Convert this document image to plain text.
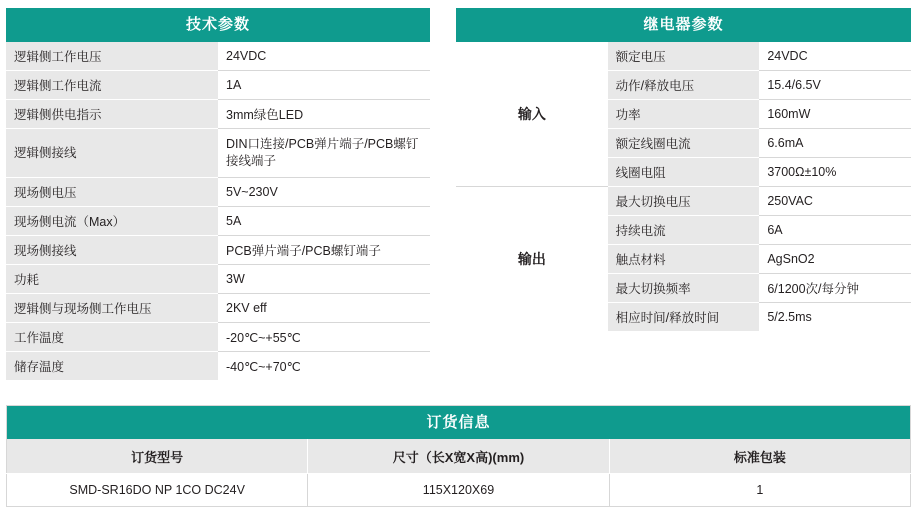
技术参数	
逻辑侧工作电压	24VDC
逻辑侧工作电流	1A
逻辑侧供电指示	3mm绿色LED
逻辑侧接线	DIN口连接/PCB弹片端子/PCB螺钉接线端子
现场侧电压	5V~230V
现场侧电流（Max）	5A
现场侧接线	PCB弹片端子/PCB螺钉端子
功耗	3W
逻辑侧与现场侧工作电压	2KV eff
工作温度	-20℃~+55℃
储存温度	-40℃~+70℃
继电器参数		
输入	额定电压	24VDC
	动作/释放电压	15.4/6.5V
	功率	160mW
	额定线圈电流	6.6mA
	线圈电阻	3700Ω±10%
输出	最大切换电压	250VAC
	持续电流	6A
	触点材料	AgSnO2
	最大切换频率	6/1200次/每分钟
	相应时间/释放时间	5/2.5ms
订货信息		
订货型号	尺寸（长X宽X高)(mm)	标准包装
SMD-SR16DO NP 1CO DC24V	115X120X69	1
